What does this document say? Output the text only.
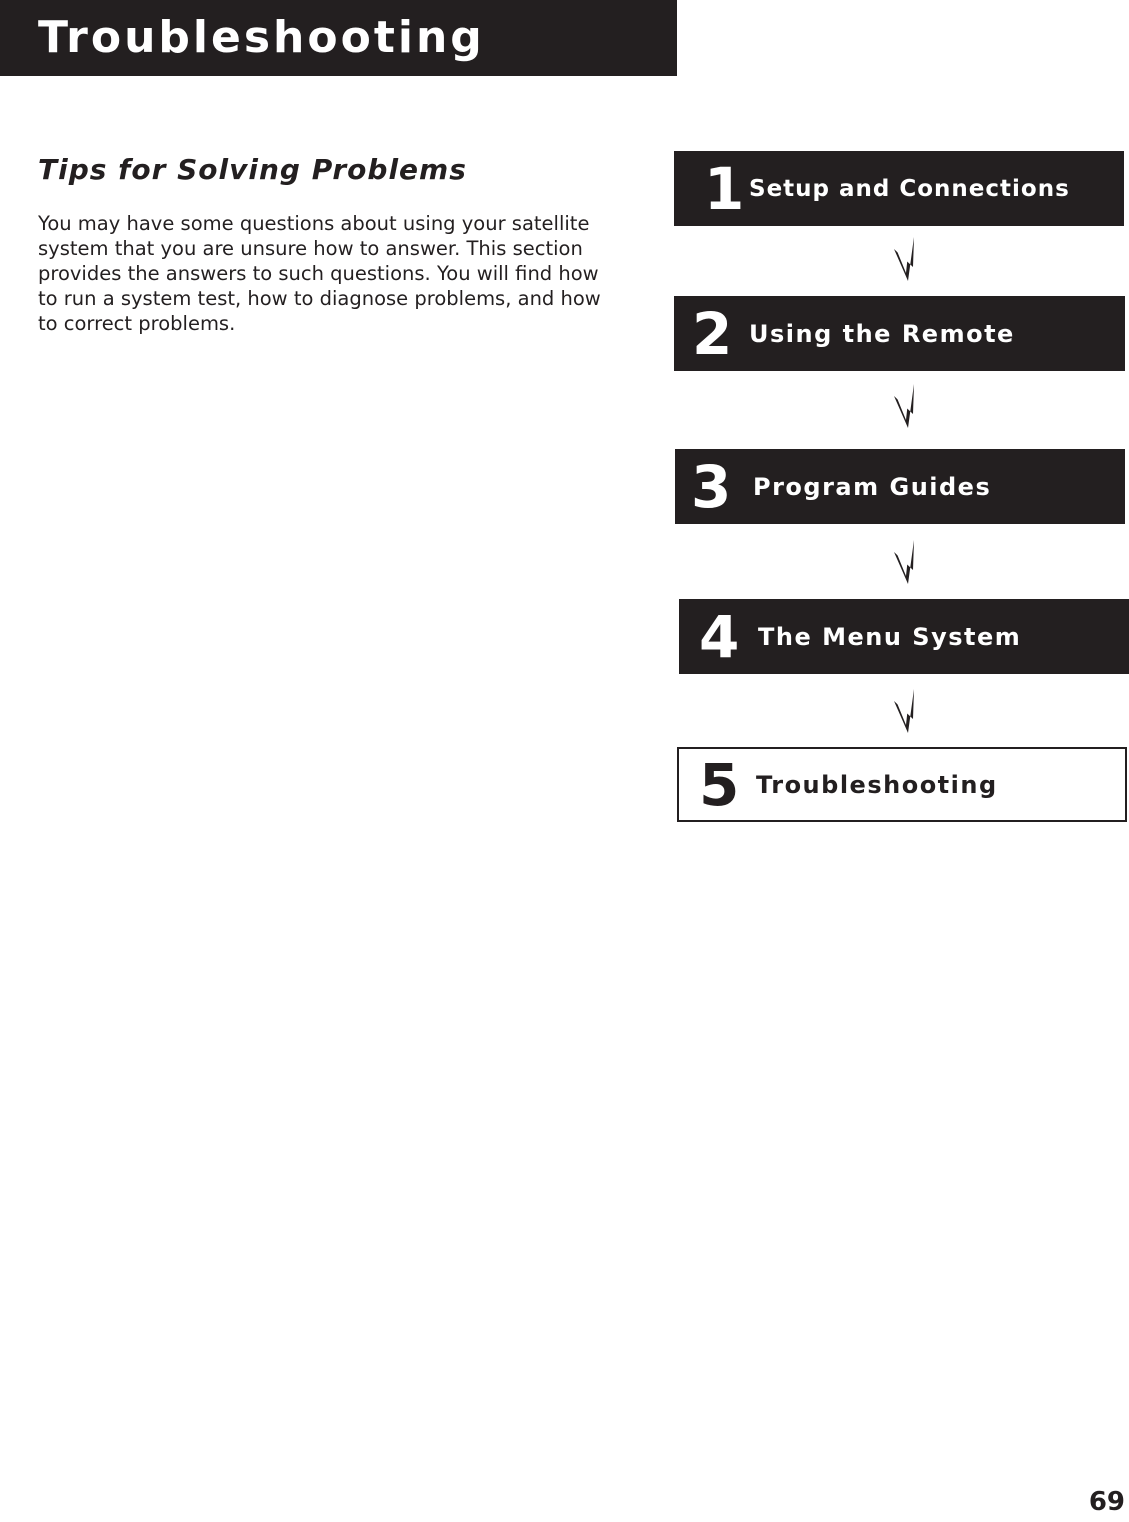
Troubleshooting
Tips for Solving Problems

You may have some questions about using your satellite system that you are unsure how to answer. This section provides the answers to such questions. You will find how to run a system test, how to diagnose problems, and how to correct problems.

1 Setup and Connections
2 Using the Remote
3 Program Guides
4 The Menu System
5 Troubleshooting
69
